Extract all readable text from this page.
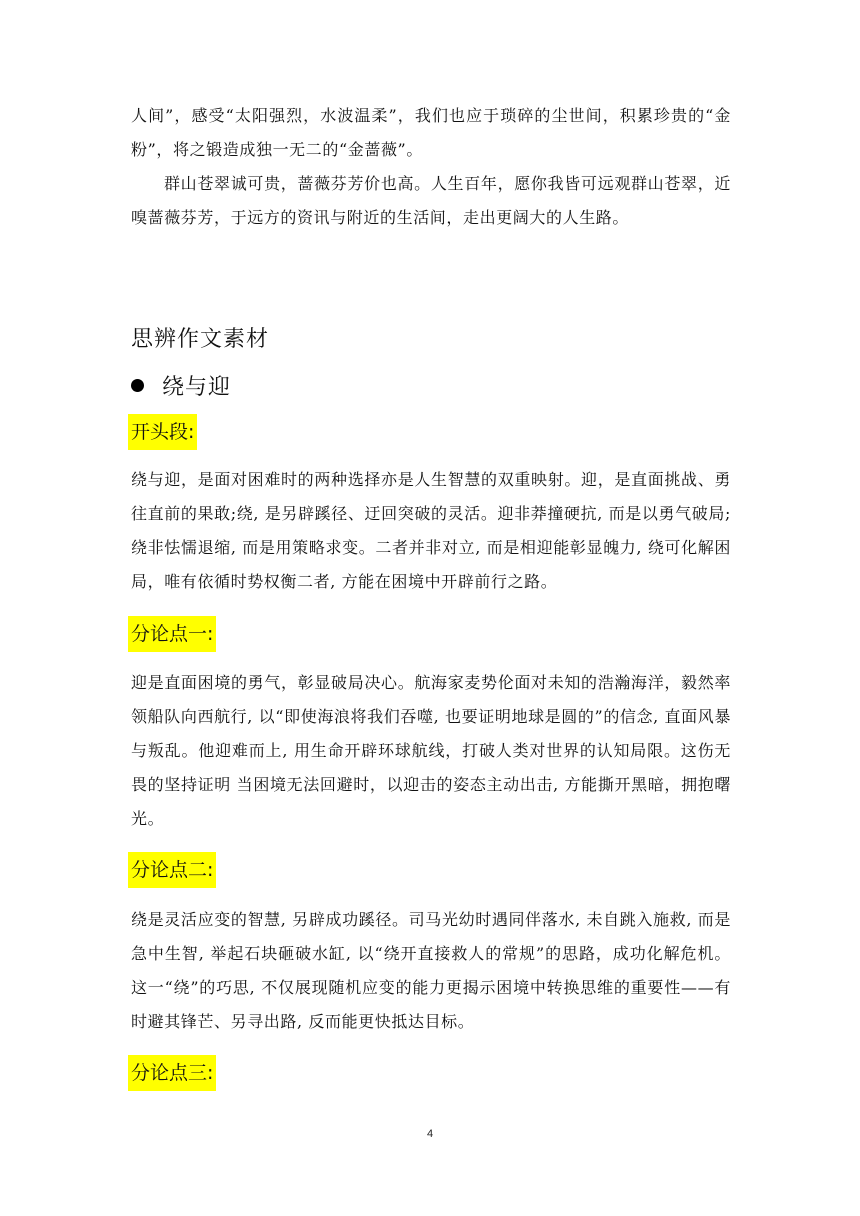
人间”，感受“太阳强烈，水波温柔”，我们也应于琐碎的尘世间，积累珍贵的“金粉”，将之锻造成独一无二的“金蔷薇”。

群山苍翠诚可贵，蔷薇芬芳价也高。人生百年，愿你我皆可远观群山苍翠，近嗅蔷薇芬芳，于远方的资讯与附近的生活间，走出更阔大的人生路。

思辨作文素材
绕与迎
开头段:

绕与迎，是面对困难时的两种选择亦是人生智慧的双重映射。迎，是直面挑战、勇往直前的果敢;绕, 是另辟蹊径、迂回突破的灵活。迎非莽撞硬抗, 而是以勇气破局;绕非怯懦退缩, 而是用策略求变。二者并非对立, 而是相迎能彰显魄力, 绕可化解困局，唯有依循时势权衡二者, 方能在困境中开辟前行之路。

分论点一:

迎是直面困境的勇气，彰显破局决心。航海家麦势伦面对未知的浩瀚海洋，毅然率领船队向西航行, 以“即使海浪将我们吞噬, 也要证明地球是圆的”的信念, 直面风暴与叛乱。他迎难而上, 用生命开辟环球航线，打破人类对世界的认知局限。这伤无畏的坚持证明 当困境无法回避时，以迎击的姿态主动出击, 方能撕开黑暗，拥抱曙光。

分论点二:

绕是灵活应变的智慧, 另辟成功蹊径。司马光幼时遇同伴落水, 未自跳入施救, 而是急中生智, 举起石块砸破水缸, 以“绕开直接救人的常规”的思路，成功化解危机。这一“绕”的巧思, 不仅展现随机应变的能力更揭示困境中转换思维的重要性——有时避其锋芒、另寻出路, 反而能更快抵达目标。

分论点三:
4
